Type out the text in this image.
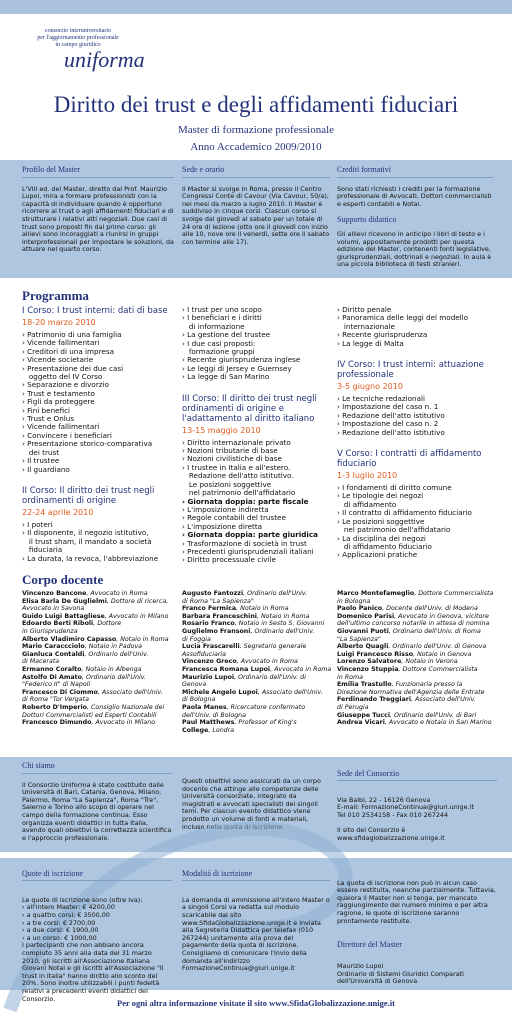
consorzio interuniversitario
per l'aggiornamento professionale
in campo giuridico
uniforma
Diritto dei trust e degli affidamenti fiduciari
Master di formazione professionale
Anno Accademico 2009/2010
Profilo del Master
L'VIII ed. del Master, diretto dal Prof. Maurizio Lupoi, mira a formare professionisti con la capacità di individuare quando è opportuno ricorrere ai trust o agli affidamenti fiduciari e di strutturare i relativi atti negoziali. Due casi di trust sono proposti fin dal primo corso: gli allievi sono incoraggiati a riunirsi in gruppi interprofessionali per impostare le soluzioni, da attuare nel quarto corso.
Sede e orario
Il Master si svolge in Roma, presso il Centro Congressi Conte di Cavour (Via Cavour, 50/a), nei mesi da marzo a luglio 2010. Il Master è suddiviso in cinque corsi. Ciascun corso si svolge dal giovedì al sabato per un totale di 24 ore di lezione (otto ore il giovedì con inizio alle 10, nove ore il venerdì, sette ore il sabato con termine alle 17).
Crediti formativi
Sono stati richiesti i crediti per la formazione professionale di Avvocati, Dottori commercialisti e esperti contabili e Notai.
Supporto didattico
Gli allievi ricevono in anticipo i libri di testo e i volumi, appositamente prodotti per questa edizione del Master, contenenti fonti legislative, giurisprudenziali, dottrinali e negoziali. In aula è una piccola biblioteca di testi stranieri.
Programma
I Corso: I trust interni: dati di base
18-20 marzo 2010
› Patrimonio di una famiglia
› Vicende fallimentari
› Creditori di una impresa
› Vicende societarie
› Presentazione dei due casi
oggetto del IV Corso
› Separazione e divorzio
› Trust e testamento
› Figli da proteggere
› Fini benefici
› Trust e Onlus
› Vicende fallimentari
› Convincere i beneficiari
› Presentazione storico-comparativa
dei trust
› Il trustee
› Il guardiano
II Corso: Il diritto dei trust negli ordinamenti di origine
22-24 aprile 2010
› I poteri
› Il disponente, il negozio istitutivo,
il trust sham, il mandato a società
fiduciaria
› La durata, la revoca, l'abbreviazione
› I trust per uno scopo
› I beneficiari e i diritti
di informazione
› La gestione del trustee
› I due casi proposti:
formazione gruppi
› Recente giurisprudenza inglese
› Le leggi di Jersey e Guernsey
› La legge di San Marino
III Corso: Il diritto dei trust negli ordinamenti di origine e l'adattamento al diritto italiano
13-15 maggio 2010
› Diritto internazionale privato
› Nozioni tributarie di base
› Nozioni civilistiche di base
› I trustee in Italia e all'estero.
Redazione dell'atto istitutivo.
Le posizioni soggettive
nel patrimonio dell'affidatario
› Giornata doppia: parte fiscale
› L'imposizione indiretta
› Regole contabili del trustee
› L'imposizione diretta
› Giornata doppia: parte giuridica
› Trasformazione di società in trust
› Precedenti giurisprudenziali italiani
› Diritto processuale civile
› Diritto penale
› Panoramica delle leggi del modello
internazionale
› Recente giurisprudenza
› La legge di Malta
IV Corso: I trust interni: attuazione professionale
3-5 giugno 2010
› Le tecniche redazionali
› Impostazione del caso n. 1
› Redazione dell'atto istitutivo
› Impostazione del caso n. 2
› Redazione dell'atto istitutivo
V Corso: I contratti di affidamento fiduciario
1-3 luglio 2010
› I fondamenti di diritto comune
› Le tipologie dei negozi
di affidamento
› Il contratto di affidamento fiduciario
› Le posizioni soggettive
nel patrimonio dell'affidatario
› La disciplina dei negozi
di affidamento fiduciario
› Applicazioni pratiche
Corpo docente
Vincenzo Bancone, Avvocato in Roma
Elisa Barla De Guglielmi, Dottore di ricerca,
Avvocato in Savona
Guido Luigi Battagliese, Avvocato in Milano
Edoardo Berti Riboli, Dottore
in Giurisprudenza
Alberto Vladimiro Capasso, Notaio in Roma
Mario Caraccciolo, Notaio in Padova
Gianluca Contaldi, Ordinario dell'Univ.
di Macerata
Ermanno Coralto, Notaio in Albenga
Astolfo Di Amato, Ordinario dell'Univ.
"Federico II" di Napoli
Francesco Di Ciommo, Associato dell'Univ.
di Roma "Tor Vergata
Roberto D'Imperio, Consiglio Nazionale dei
Dottori Commercialisti ed Esperti Contabili
Francesco Dimundo, Avvocato in Milano
Augusto Fantozzi, Ordinario dell'Univ.
di Roma "La Sapienza"
Franco Fermica, Notaio in Roma
Barbara Franceschini, Notaio in Roma
Rosario Franco, Notaio in Sesto S. Giovanni
Guglielmo Fransoni, Ordinario dell'Univ.
di Foggia
Lucia Frascarelli, Segretario generale
Assofiduciaria
Vincenzo Greco, Avvocato in Roma
Francesca Romana Lupoi, Avvocato in Roma
Maurizio Lupoi, Ordinario dell'Univ. di Genova
Michele Angelo Lupoi, Associato dell'Univ.
di Bologna
Paola Manes, Ricercatore confermato
dell'Univ. di Bologna
Paul Matthews, Professor of King's
College, Londra
Marco Montefameglio, Dottore Commercialista
in Bologna
Paolo Panico, Docente dell'Univ. di Modena
Domenico Parisi, Avvocato in Genova, vicitore
dell'ultimo concorso notarile in attesa di nomina
Giovanni Puoti, Ordinario dell'Univ. di Roma
"La Sapienza"
Alberto Quagli, Ordinario dell'Univ. di Genova
Luigi Francesco Risso, Notaio in Genova
Lorenzo Salvatore, Notaio in Verona
Vincenzo Stuppia, Dottore Commercialista
in Roma
Emilia Trastullo, Funzionaria presso la
Direzione Normativa dell'Agenzia delle Entrate
Ferdinando Treggiari, Associato dell'Univ.
di Perugia
Giuseppe Tucci, Ordinario dell'Univ. di Bari
Andrea Vicari, Avvocato e Notaio in San Marino
Chi siamo
Il Consorzio Uniforma è stato costituito dalle Università di Bari, Catania, Genova, Milano, Palermo, Roma "La Sapienza", Roma "Tre", Salerno e Torino allo scopo di operare nel campo della formazione continua. Esso organizza eventi didattici in tutta Italia, avendo quali obiettivi la correttezza scientifica e l'approccio professionale.
Questi obiettivi sono assicurati da un corpo docente che attinge alle competenze delle Università consorziate, integrato da magistrati e avvocati specialisti dei singoli temi. Per ciascun evento didattico viene prodotto un volume di fonti e materiali, incluso nella quota di iscrizione.

Sede del Consorzio

Via Balbi, 22 - 16126 Genova
E-mail: FormazioneContinua@giuri.unige.it
Tel 010 2534158 - Fax 010 267244

Il sito del Consorzio è
www.sfidaglobalizzazione.unige.it

Quote di iscrizione

Le quote di iscrizione sono (oltre Iva):
› all'intero Master: € 4200,00
› a quattro corsi: € 3500,00
› a tre corsi: € 2700,00
› a due corsi: € 1900,00
› a un corso: € 1000,00
I partecipanti che non abbiano ancora compiuto 35 anni alla data del 31 marzo 2010, gli iscritti all'Associazione Italiana Giovani Notai e gli iscritti all'Associazione "Il trust in Italia" hanno diritto allo sconto del 20%. Sono inoltre utilizzabili i punti fedeltà relativi a precedenti eventi didattici del Consorzio.

Modalità di iscrizione

La domanda di ammissione all'intero Master o a singoli Corsi va redatta sul modulo scaricabile dal sito www.SfidaGlobalizzazione.unige.it e inviata alla Segreteria Didattica per telefax (010 267244) unitamente alla prova del pagamento della quota di iscrizione.
Consigliamo di comunicare l'invio della domanda all'indirizzo FormazioneContinua@giuri.unige.it

La quota di iscrizione non può in alcun caso essere restituita, neanche parzialmente. Tuttavia, qualora il Master non si tenga, per mancato raggiungimento del numero minimo o per altra ragione, le quote di iscrizione saranno prontamente restituite.

Direttore del Master

Maurizio Lupoi
Ordinario di Sistemi Giuridici Comparati dell'Università di Genova

Per ogni altra informazione visitate il sito www.SfidaGlobalizzazione.unige.it
